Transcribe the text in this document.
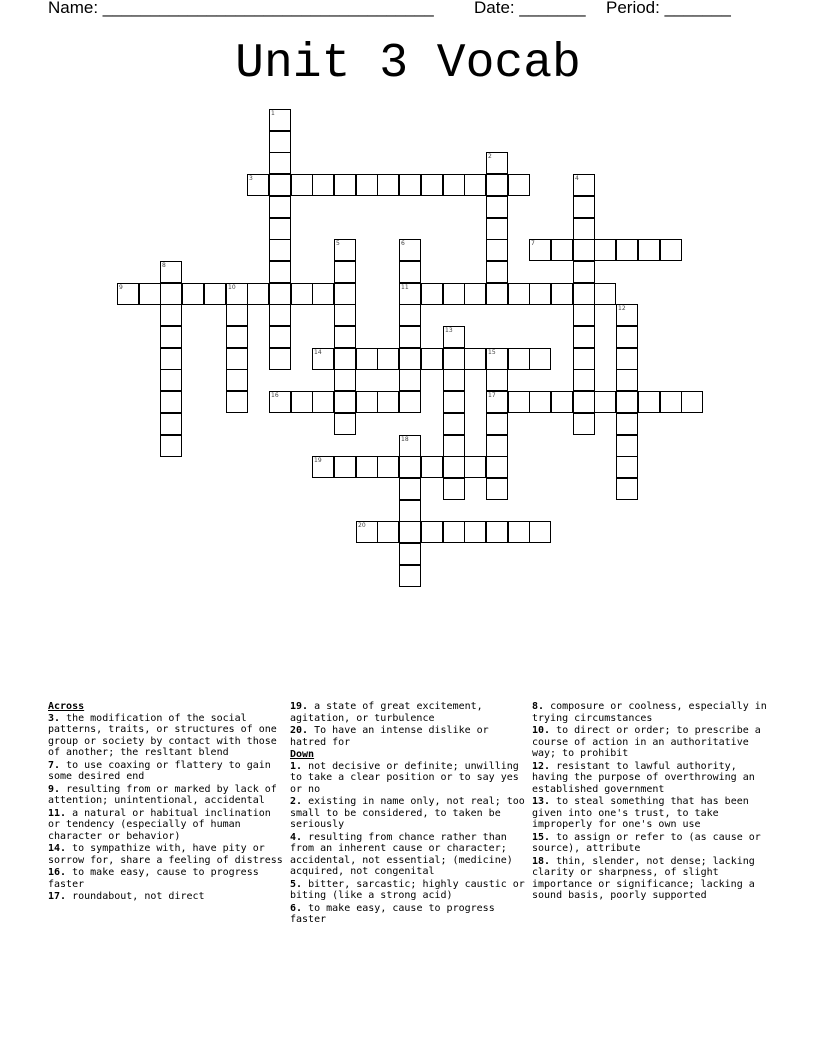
Name: ___________________________________ Date: _______ Period: _______
Unit 3 Vocab
1
2
3	4
5	6
11
7
8
9	10
12
13
14	15
17
16
18
19
20
Across
3. the modification of the social patterns, traits, or structures of one group or society by contact with those of another; the resltant blend
7. to use coaxing or flattery to gain some desired end
9. resulting from or marked by lack of attention; unintentional, accidental
11. a natural or habitual inclination or tendency (especially of human character or behavior)
14. to sympathize with, have pity or sorrow for, share a feeling of distress
16. to make easy, cause to progress faster
17. roundabout, not direct
19. a state of great excitement, agitation, or turbulence
20. To have an intense dislike or hatred for
Down
1. not decisive or definite; unwilling to take a clear position or to say yes or no
2. existing in name only, not real; too small to be considered, to taken be seriously
4. resulting from chance rather than from an inherent cause or character; accidental, not essential; (medicine) acquired, not congenital
5. bitter, sarcastic; highly caustic or biting (like a strong acid)
6. to make easy, cause to progress faster
8. composure or coolness, especially in trying circumstances
10. to direct or order; to prescribe a course of action in an authoritative way; to prohibit
12. resistant to lawful authority, having the purpose of overthrowing an established government
13. to steal something that has been given into one's trust, to take improperly for one's own use
15. to assign or refer to (as cause or source), attribute
18. thin, slender, not dense; lacking clarity or sharpness, of slight importance or significance; lacking a sound basis, poorly supported
